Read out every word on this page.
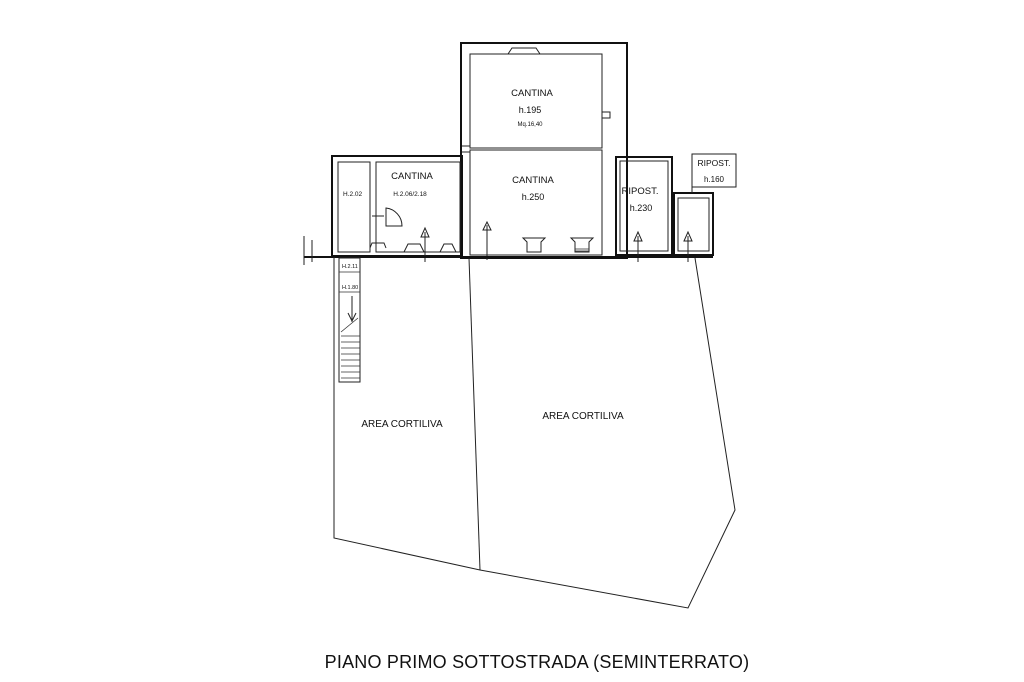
CANTINA
h.195
Mq.16,40
CANTINA
h.250
H.2.02
CANTINA
H.2.06/2.18	RIPOST.
h.230
RIPOST.
h.160
H.2.11
H.1.80
AREA CORTILIVA
AREA CORTILIVA
PIANO PRIMO SOTTOSTRADA (SEMINTERRATO)
